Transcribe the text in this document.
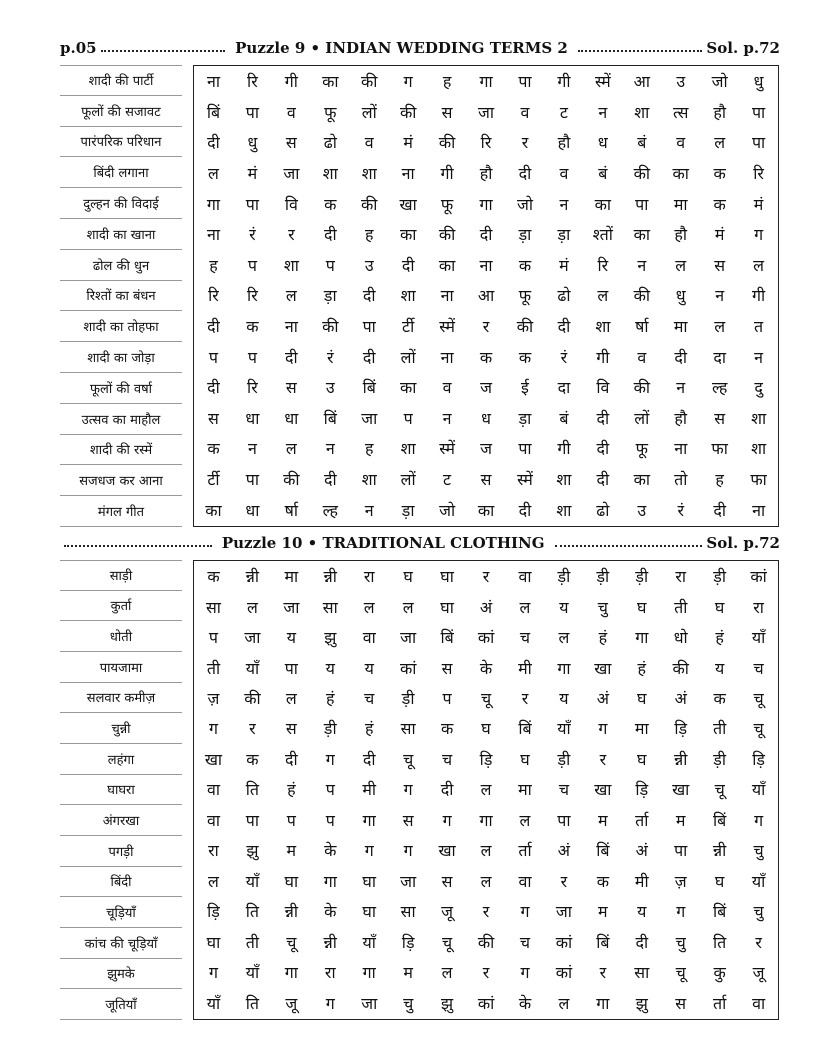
p.05	Puzzle 9 • INDIAN WEDDING TERMS 2	Sol. p.72
शादी की पार्टी
फूलों की सजावट
पारंपरिक परिधान
बिंदी लगाना
दुल्हन की विदाई
शादी का खाना
ढोल की धुन
रिश्तों का बंधन
शादी का तोहफा
शादी का जोड़ा
फूलों की वर्षा
उत्सव का माहौल
शादी की रस्में
सजधज कर आना
मंगल गीत
ना	रि	गी	का	की	ग	ह	गा	पा	गी	स्में	आ	उ	जो	धु
बिं	पा	व	फू	लों	की	स	जा	व	ट	न	शा	त्स	हौ	पा
दी	धु	स	ढो	व	मं	की	रि	र	हौ	ध	बं	व	ल	पा
ल	मं	जा	शा	शा	ना	गी	हौ	दी	व	बं	की	का	क	रि
गा	पा	वि	क	की	खा	फू	गा	जो	न	का	पा	मा	क	मं
ना	रं	र	दी	ह	का	की	दी	ड़ा	ड़ा	श्तों	का	हौ	मं	ग
ह	प	शा	प	उ	दी	का	ना	क	मं	रि	न	ल	स	ल
रि	रि	ल	ड़ा	दी	शा	ना	आ	फू	ढो	ल	की	धु	न	गी
दी	क	ना	की	पा	र्टी	स्में	र	की	दी	शा	र्षा	मा	ल	त
प	प	दी	रं	दी	लों	ना	क	क	रं	गी	व	दी	दा	न
दी	रि	स	उ	बिं	का	व	ज	ई	दा	वि	की	न	ल्ह	दु
स	धा	धा	बिं	जा	प	न	ध	ड़ा	बं	दी	लों	हौ	स	शा
क	न	ल	न	ह	शा	स्में	ज	पा	गी	दी	फू	ना	फा	शा
र्टी	पा	की	दी	शा	लों	ट	स	स्में	शा	दी	का	तो	ह	फा
का	धा	र्षा	ल्ह	न	ड़ा	जो	का	दी	शा	ढो	उ	रं	दी	ना
Puzzle 10 • TRADITIONAL CLOTHING	Sol. p.72
साड़ी
कुर्ता
धोती
पायजामा
सलवार कमीज़
चुन्नी
लहंगा
घाघरा
अंगरखा
पगड़ी
बिंदी
चूड़ियाँ
कांच की चूड़ियाँ
झुमके
जूतियाँ
क	न्नी	मा	न्नी	रा	घ	घा	र	वा	ड़ी	ड़ी	ड़ी	रा	ड़ी	कां
सा	ल	जा	सा	ल	ल	घा	अं	ल	य	चु	घ	ती	घ	रा
प	जा	य	झु	वा	जा	बिं	कां	च	ल	हं	गा	धो	हं	याँ
ती	याँ	पा	य	य	कां	स	के	मी	गा	खा	हं	की	य	च
ज़	की	ल	हं	च	ड़ी	प	चू	र	य	अं	घ	अं	क	चू
ग	र	स	ड़ी	हं	सा	क	घ	बिं	याँ	ग	मा	ड़ि	ती	चू
खा	क	दी	ग	दी	चू	च	ड़ि	घ	ड़ी	र	घ	न्नी	ड़ी	ड़ि
वा	ति	हं	प	मी	ग	दी	ल	मा	च	खा	ड़ि	खा	चू	याँ
वा	पा	प	प	गा	स	ग	गा	ल	पा	म	र्ता	म	बिं	ग
रा	झु	म	के	ग	ग	खा	ल	र्ता	अं	बिं	अं	पा	न्नी	चु
ल	याँ	घा	गा	घा	जा	स	ल	वा	र	क	मी	ज़	घ	याँ
ड़ि	ति	न्नी	के	घा	सा	जू	र	ग	जा	म	य	ग	बिं	चु
घा	ती	चू	न्नी	याँ	ड़ि	चू	की	च	कां	बिं	दी	चु	ति	र
ग	याँ	गा	रा	गा	म	ल	र	ग	कां	र	सा	चू	कु	जू
याँ	ति	जू	ग	जा	चु	झु	कां	के	ल	गा	झु	स	र्ता	वा
